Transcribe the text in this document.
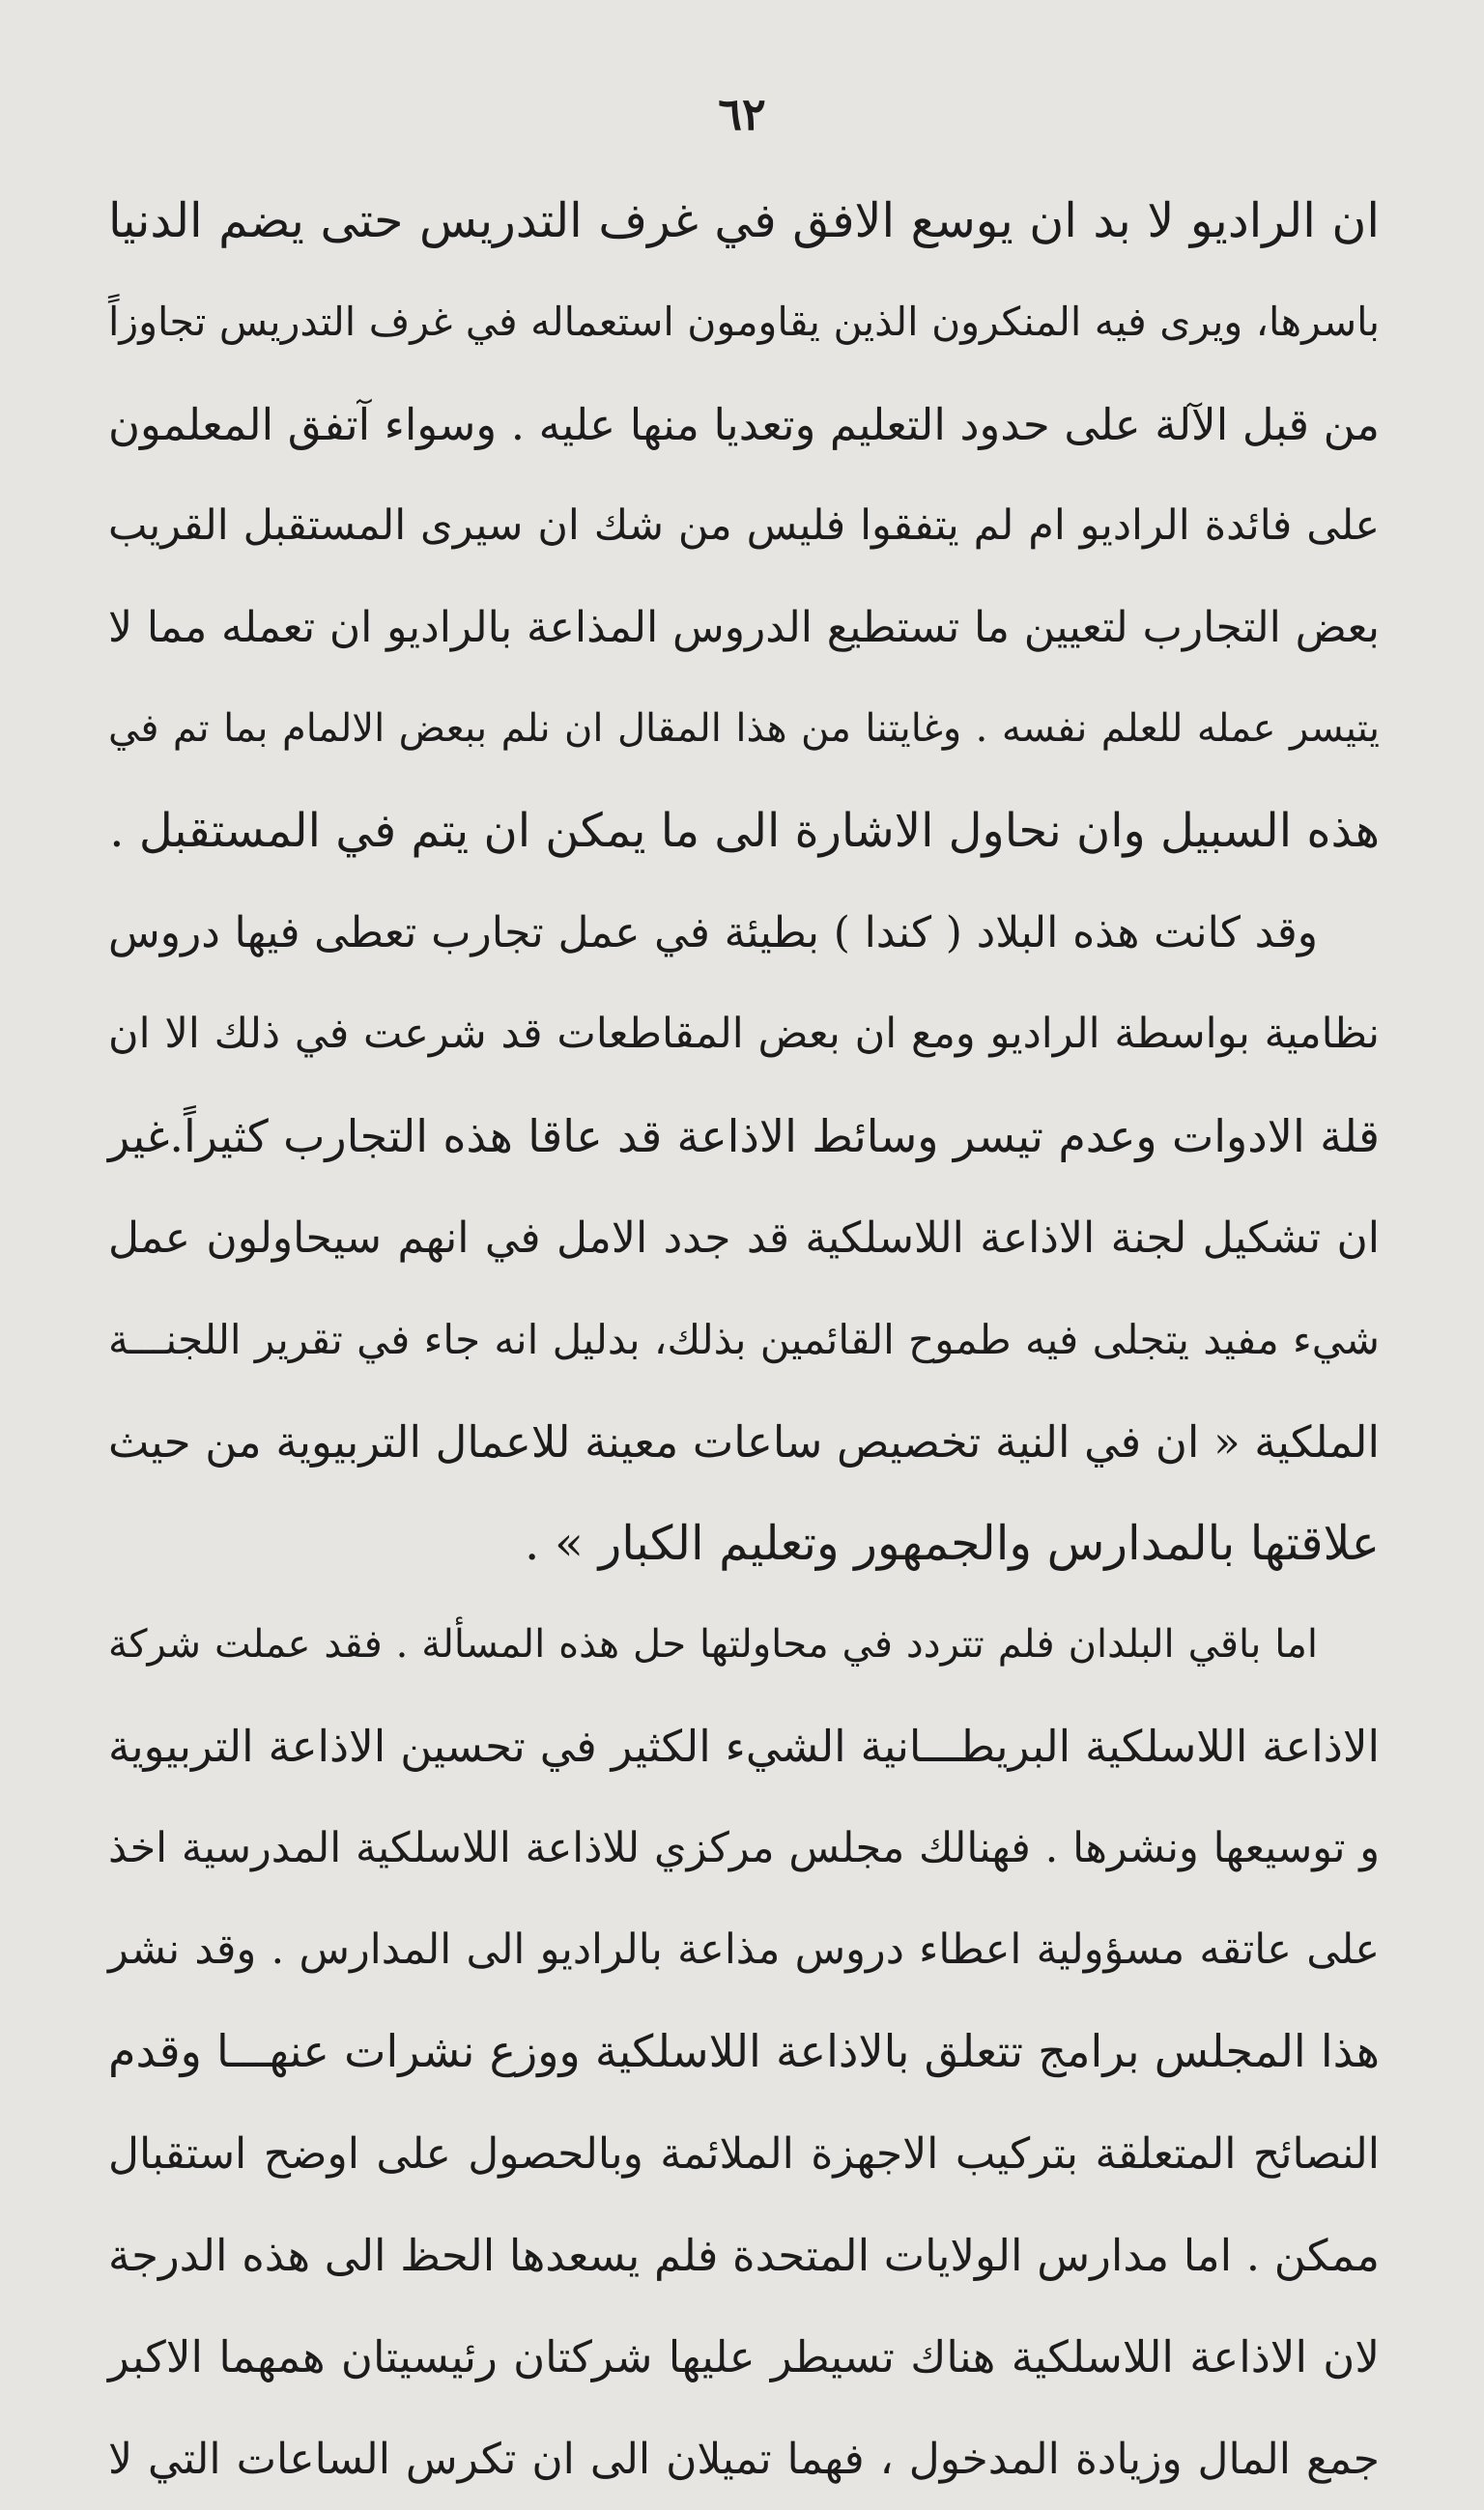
٦٢
ان الراديو لا بد ان يوسع الافق في غرف التدريس حتى يضم الدنيا
باسرها، ويرى فيه المنكرون الذين يقاومون استعماله في غرف التدريس تجاوزاً
من قبل الآلة على حدود التعليم وتعديا منها عليه . وسواء آتفق المعلمون
على فائدة الراديو ام لم يتفقوا فليس من شك ان سيرى المستقبل القريب
بعض التجارب لتعيين ما تستطيع الدروس المذاعة بالراديو ان تعمله مما لا
يتيسر عمله للعلم نفسه . وغايتنا من هذا المقال ان نلم ببعض الالمام بما تم في
هذه السبيل وان نحاول الاشارة الى ما يمكن ان يتم في المستقبل .
وقد كانت هذه البلاد ( كندا ) بطيئة في عمل تجارب تعطى فيها دروس
نظامية بواسطة الراديو ومع ان بعض المقاطعات قد شرعت في ذلك الا ان
قلة الادوات وعدم تيسر وسائط الاذاعة قد عاقا هذه التجارب كثيراً.غير
ان تشكيل لجنة الاذاعة اللاسلكية قد جدد الامل في انهم سيحاولون عمل
شيء مفيد يتجلى فيه طموح القائمين بذلك، بدليل انه جاء في تقرير اللجنـــة
الملكية « ان في النية تخصيص ساعات معينة للاعمال التربيوية من حيث
علاقتها بالمدارس والجمهور وتعليم الكبار » .
اما باقي البلدان فلم تتردد في محاولتها حل هذه المسألة . فقد عملت شركة
الاذاعة اللاسلكية البريطـــانية الشيء الكثير في تحسين الاذاعة التربيوية
و توسيعها ونشرها . فهنالك مجلس مركزي للاذاعة اللاسلكية المدرسية اخذ
على عاتقه مسؤولية اعطاء دروس مذاعة بالراديو الى المدارس . وقد نشر
هذا المجلس برامج تتعلق بالاذاعة اللاسلكية ووزع نشرات عنهـــا وقدم
النصائح المتعلقة بتركيب الاجهزة الملائمة وبالحصول على اوضح استقبال
ممكن . اما مدارس الولايات المتحدة فلم يسعدها الحظ الى هذه الدرجة
لان الاذاعة اللاسلكية هناك تسيطر عليها شركتان رئيسيتان همهما الاكبر
جمع المال وزيادة المدخول ، فهما تميلان الى ان تكرس الساعات التي لا
